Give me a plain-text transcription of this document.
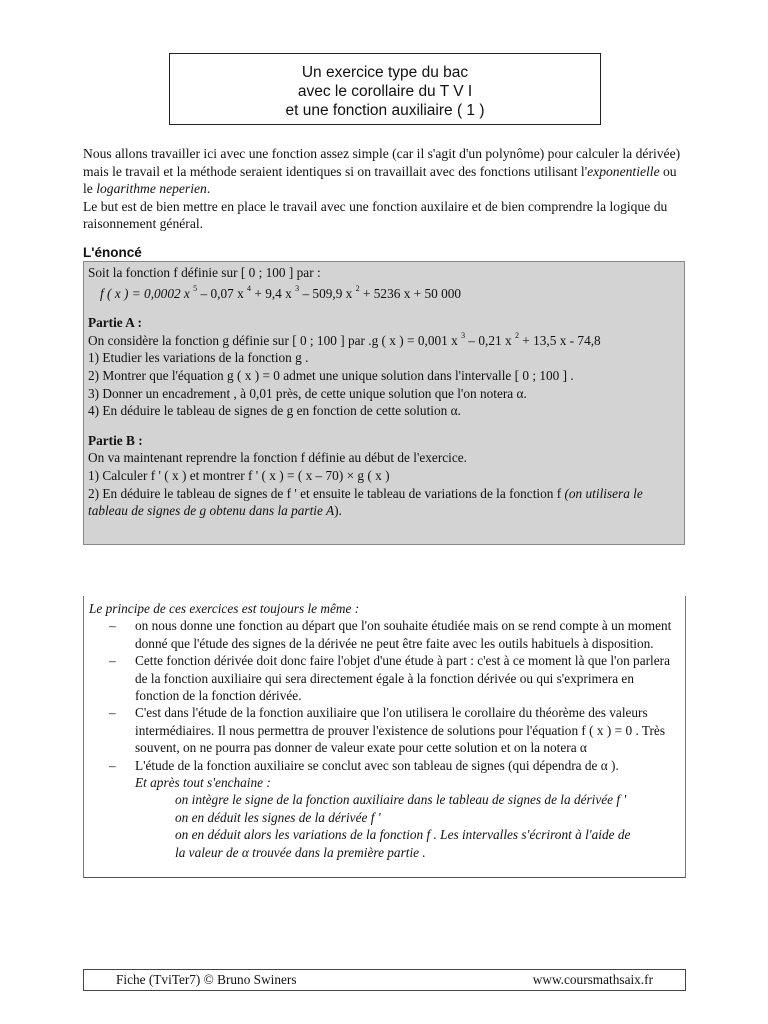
Un exercice type du bac
avec le corollaire du T V I
et une fonction auxiliaire ( 1 )

Nous allons travailler ici avec une fonction assez simple (car il s'agit d'un polynôme) pour calculer la dérivée) mais le travail et la méthode seraient identiques si on travaillait avec des fonctions utilisant l'exponentielle ou le logarithme neperien.

Le but est de bien mettre en place le travail avec une fonction auxilaire et de bien comprendre la logique du raisonnement général.

L'énoncé
Soit la fonction f définie sur [ 0 ; 100 ] par :
f ( x ) = 0,0002 x $^5$ – 0,07 x $^4$ + 9,4 x $^3$ – 509,9 x $^2$ + 5236 x + 50 000
Partie A :
On considère la fonction g définie sur [ 0 ; 100 ] par .g ( x ) = 0,001 x $^3$ – 0,21 x $^2$ + 13,5 x - 74,8
1) Etudier les variations de la fonction g .
2) Montrer que l'équation g ( x ) = 0 admet une unique solution dans l'intervalle [ 0 ; 100 ] .
3) Donner un encadrement , à 0,01 près, de cette unique solution que l'on notera α.
4) En déduire le tableau de signes de g en fonction de cette solution α.
Partie B :
On va maintenant reprendre la fonction f définie au début de l'exercice.
1) Calculer f ' ( x ) et montrer f ' ( x ) = ( x – 70) × g ( x )
2) En déduire le tableau de signes de f ' et ensuite le tableau de variations de la fonction f (on utilisera le tableau de signes de g obtenu dans la partie A).
Le principe de ces exercices est toujours le même :
– on nous donne une fonction au départ que l'on souhaite étudiée mais on se rend compte à un moment donné que l'étude des signes de la dérivée ne peut être faite avec les outils habituels à disposition.
– Cette fonction dérivée doit donc faire l'objet d'une étude à part : c'est à ce moment là que l'on parlera de la fonction auxiliaire qui sera directement égale à la fonction dérivée ou qui s'exprimera en fonction de la fonction dérivée.
– C'est dans l'étude de la fonction auxiliaire que l'on utilisera le corollaire du théorème des valeurs intermédiaires. Il nous permettra de prouver l'existence de solutions pour l'équation f ( x ) = 0 . Très souvent, on ne pourra pas donner de valeur exate pour cette solution et on la notera α
– L'étude de la fonction auxiliaire se conclut avec son tableau de signes (qui dépendra de α ).
Et après tout s'enchaine :
on intègre le signe de la fonction auxiliaire dans le tableau de signes de la dérivée f '
on en déduit les signes de la dérivée f '
on en déduit alors les variations de la fonction f . Les intervalles s'écriront à l'aide de
la valeur de α trouvée dans la première partie .
Fiche (TviTer7) © Bruno Swiners	www.coursmathsaix.fr
